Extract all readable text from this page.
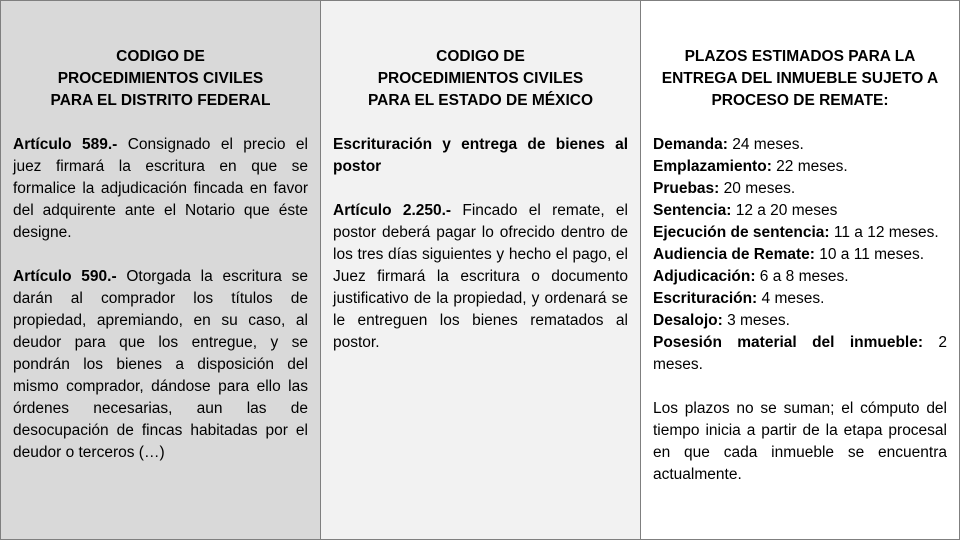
CODIGO DE
PROCEDIMIENTOS CIVILES
PARA EL DISTRITO FEDERAL

Artículo 589.- Consignado el precio el juez firmará la escritura en que se formalice la adjudicación fincada en favor del adquirente ante el Notario que éste designe.

Artículo 590.- Otorgada la escritura se darán al comprador los títulos de propiedad, apremiando, en su caso, al deudor para que los entregue, y se pondrán los bienes a disposición del mismo comprador, dándose para ello las órdenes necesarias, aun las de desocupación de fincas habitadas por el deudor o terceros (…)

CODIGO DE
PROCEDIMIENTOS CIVILES
PARA EL ESTADO DE MÉXICO

Escrituración y entrega de bienes al postor

Artículo 2.250.- Fincado el remate, el postor deberá pagar lo ofrecido dentro de los tres días siguientes y hecho el pago, el Juez firmará la escritura o documento justificativo de la propiedad, y ordenará se le entreguen los bienes rematados al postor.

PLAZOS ESTIMADOS PARA LA
ENTREGA DEL INMUEBLE SUJETO A
PROCESO DE REMATE:
Demanda: 24 meses.
Emplazamiento: 22 meses.
Pruebas: 20 meses.
Sentencia: 12 a 20 meses
Ejecución de sentencia: 11 a 12 meses.
Audiencia de Remate: 10 a 11 meses.
Adjudicación: 6 a 8 meses.
Escrituración: 4 meses.
Desalojo: 3 meses.
Posesión material del inmueble: 2 meses.

Los plazos no se suman; el cómputo del tiempo inicia a partir de la etapa procesal en que cada inmueble se encuentra actualmente.
